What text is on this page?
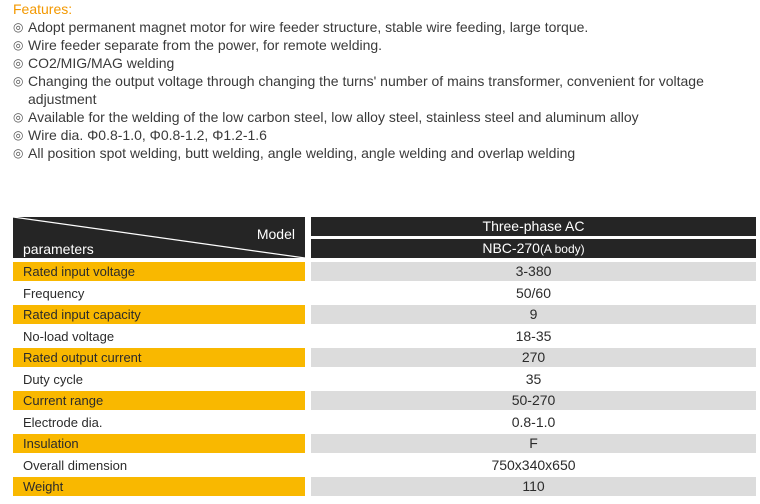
Features:
◎ Adopt permanent magnet motor for wire feeder structure, stable wire feeding, large torque.
◎ Wire feeder separate from the power, for remote welding.
◎ CO2/MIG/MAG welding
◎ Changing the output voltage through changing the turns' number of mains transformer, convenient for voltage adjustment
◎ Available for the welding of the low carbon steel, low alloy steel, stainless steel and aluminum alloy
◎ Wire dia. Φ0.8-1.0, Φ0.8-1.2, Φ1.2-1.6
◎ All position spot welding, butt welding, angle welding, angle welding and overlap welding
Model
parameters
Three-phase AC
NBC-270(A body)
Rated input voltage	3-380
Frequency	50/60
Rated input capacity	9
No-load voltage	18-35
Rated output current	270
Duty cycle	35
Current range	50-270
Electrode dia.	0.8-1.0
Insulation	F
Overall dimension	750x340x650
Weight	110
